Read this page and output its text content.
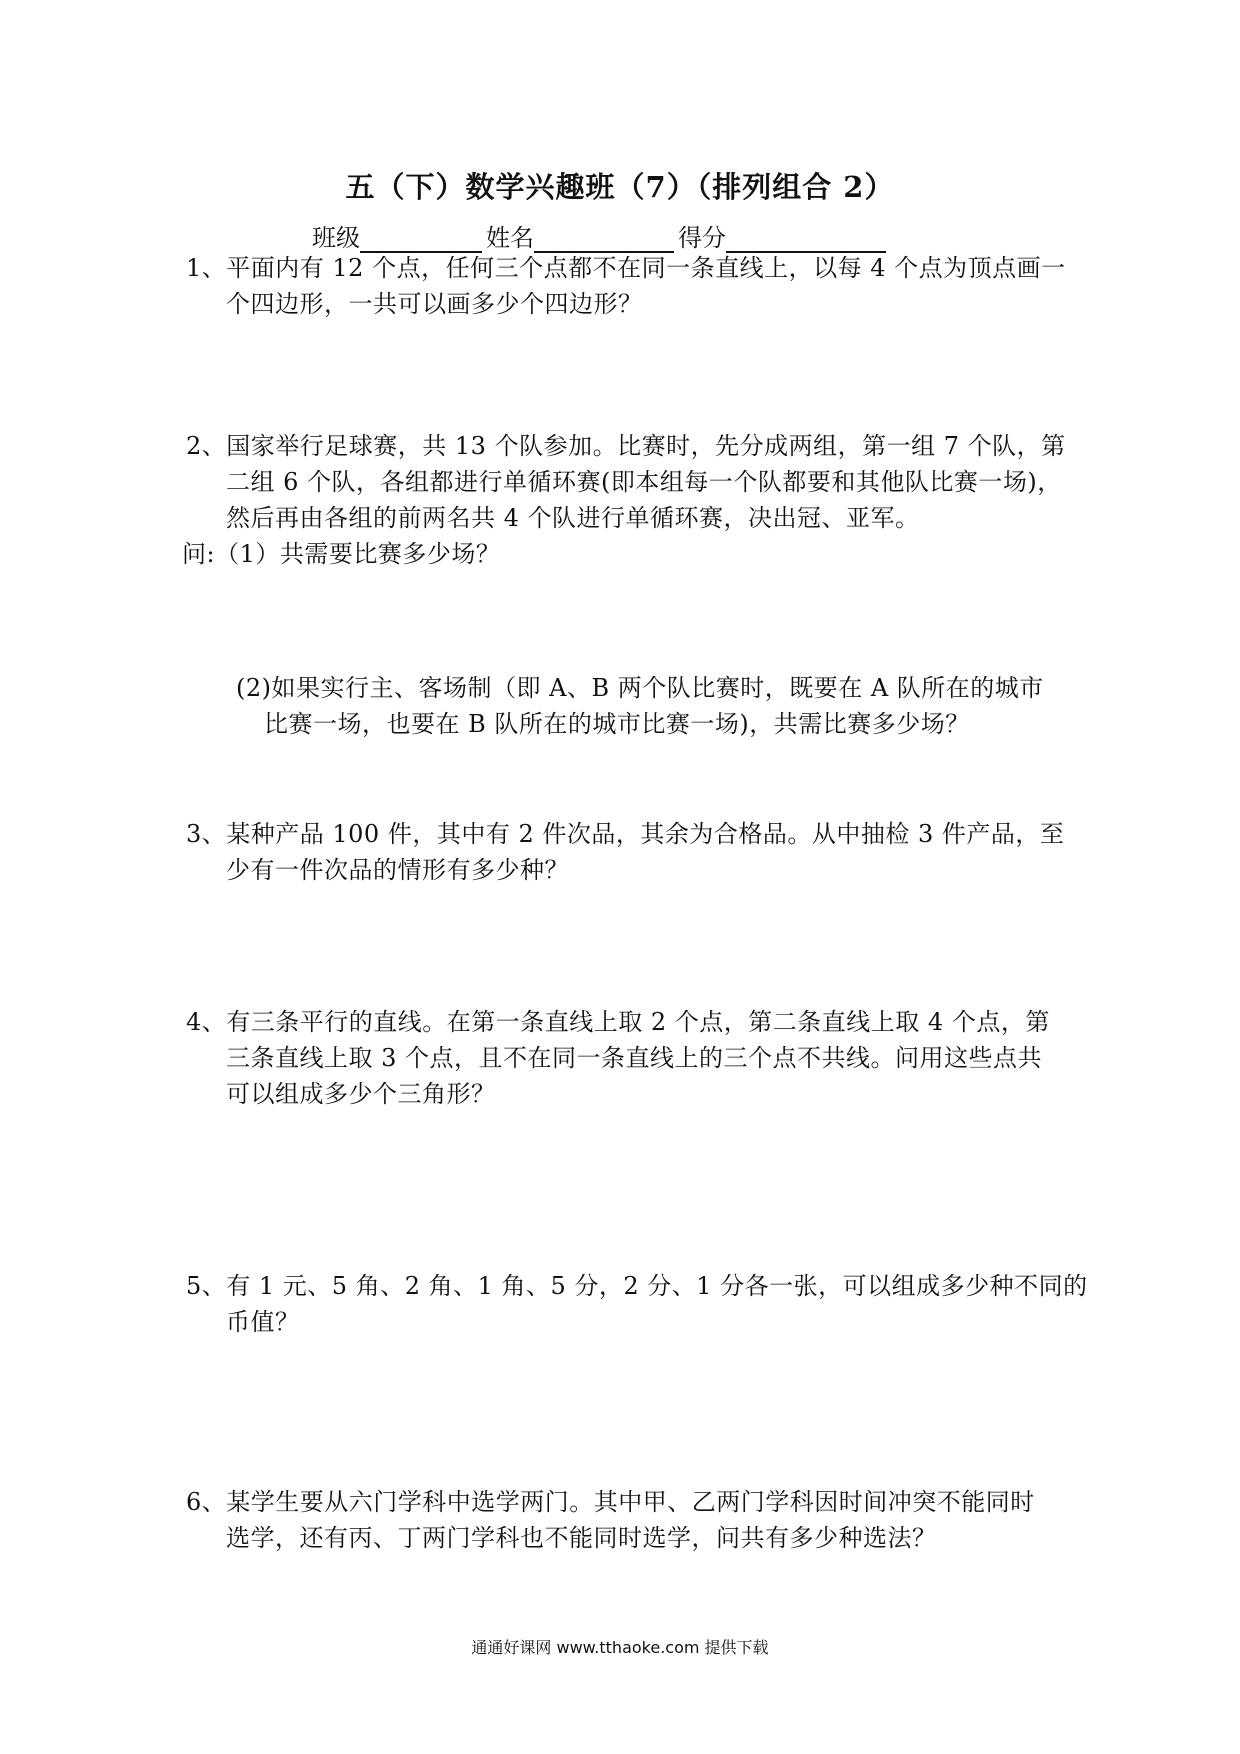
五（下）数学兴趣班（7）（排列组合 2）
班级	姓名	得分
1、平面内有 12 个点，任何三个点都不在同一条直线上，以每 4 个点为顶点画一
个四边形，一共可以画多少个四边形？
2、国家举行足球赛，共 13 个队参加。比赛时，先分成两组，第一组 7 个队，第
二组 6 个队，各组都进行单循环赛(即本组每一个队都要和其他队比赛一场)，
然后再由各组的前两名共 4 个队进行单循环赛，决出冠、亚军。
问:（1）共需要比赛多少场？
(2)如果实行主、客场制（即 A、B 两个队比赛时，既要在 A 队所在的城市
比赛一场，也要在 B 队所在的城市比赛一场)，共需比赛多少场？
3、某种产品 100 件，其中有 2 件次品，其余为合格品。从中抽检 3 件产品，至
少有一件次品的情形有多少种？
4、有三条平行的直线。在第一条直线上取 2 个点，第二条直线上取 4 个点，第
三条直线上取 3 个点，且不在同一条直线上的三个点不共线。问用这些点共
可以组成多少个三角形？
5、有 1 元、5 角、2 角、1 角、5 分，2 分、1 分各一张，可以组成多少种不同的
币值？
6、某学生要从六门学科中选学两门。其中甲、乙两门学科因时间冲突不能同时
选学，还有丙、丁两门学科也不能同时选学，问共有多少种选法？
通通好课网 www.tthaoke.com 提供下载
